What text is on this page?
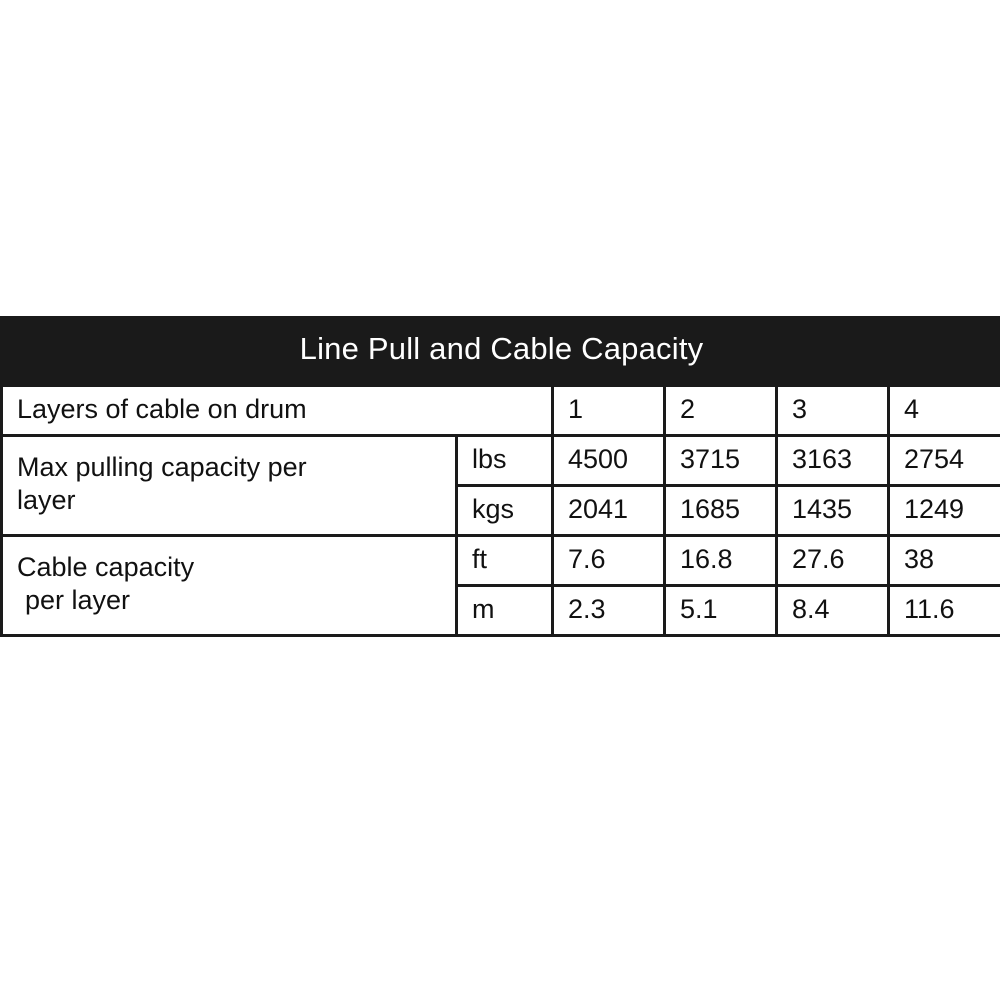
Line Pull and Cable Capacity					
Layers of cable on drum		1	2	3	4
Max pulling capacity per
layer	lbs	4500	3715	3163	2754
	kgs	2041	1685	1435	1249
Cable capacity
per layer	ft	7.6	16.8	27.6	38
	m	2.3	5.1	8.4	11.6
